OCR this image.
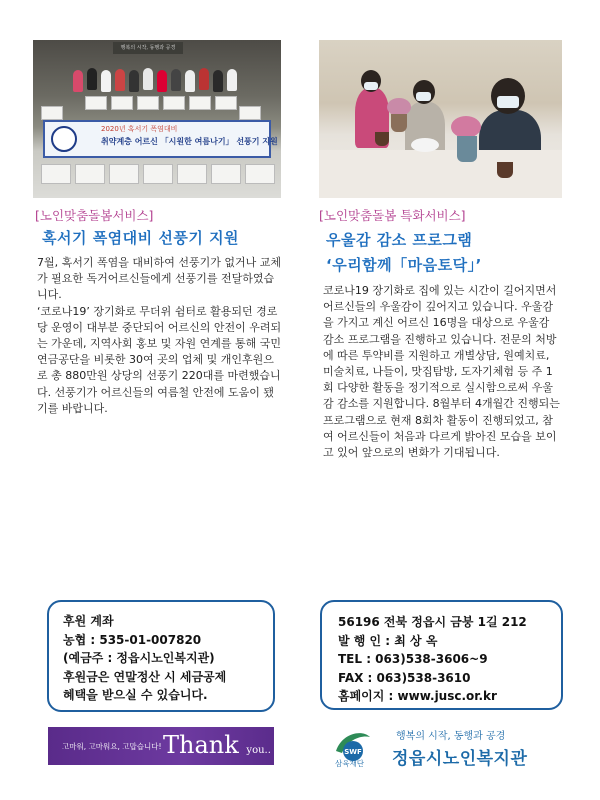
행복의 시작, 동행과 공경
2020년 혹서기 폭염대비
취약계층 어르신 「시원한 여름나기」 선풍기 지원
[노인맞춤돌봄서비스]
혹서기 폭염대비 선풍기 지원

7월, 혹서기 폭염을 대비하여 선풍기가 없거나 교체가 필요한 독거어르신들에게 선풍기를 전달하였습니다.

‘코로나19’ 장기화로 무더위 쉼터로 활용되던 경로당 운영이 대부분 중단되어 어르신의 안전이 우려되는 가운데, 지역사회 홍보 및 자원 연계를 통해 국민연금공단을 비롯한 30여 곳의 업체 및 개인후원으로 총 880만원 상당의 선풍기 220대를 마련했습니다. 선풍기가 어르신들의 여름철 안전에 도움이 됐기를 바랍니다.

[노인맞춤돌봄 특화서비스]
우울감 감소 프로그램
‘우리함께「마음토닥」’

코로나19 장기화로 집에 있는 시간이 길어지면서 어르신들의 우울감이 깊어지고 있습니다. 우울감을 가지고 계신 어르신 16명을 대상으로 우울감 감소 프로그램을 진행하고 있습니다. 전문의 처방에 따른 투약비를 지원하고 개별상담, 원예치료, 미술치료, 나들이, 맛집탐방, 도자기체험 등 주 1회 다양한 활동을 정기적으로 실시함으로써 우울감 감소를 지원합니다. 8월부터 4개월간 진행되는 프로그램으로 현재 8회차 활동이 진행되었고, 참여 어르신들이 처음과 다르게 밝아진 모습을 보이고 있어 앞으로의 변화가 기대됩니다.

후원 계좌
농협 : 535-01-007820
(예금주 : 정읍시노인복지관)
후원금은 연말정산 시 세금공제
혜택을 받으실 수 있습니다.
56196 전북 정읍시 금붕 1길 212
발 행 인 : 최 상 옥
TEL : 063)538-3606~9
FAX : 063)538-3610
홈페이지 : www.jusc.or.kr
고마워, 고마워요, 고맙습니다! Thank you..	SWF
행복의 시작, 동행과 공경
정읍시노인복지관
삼육재단
